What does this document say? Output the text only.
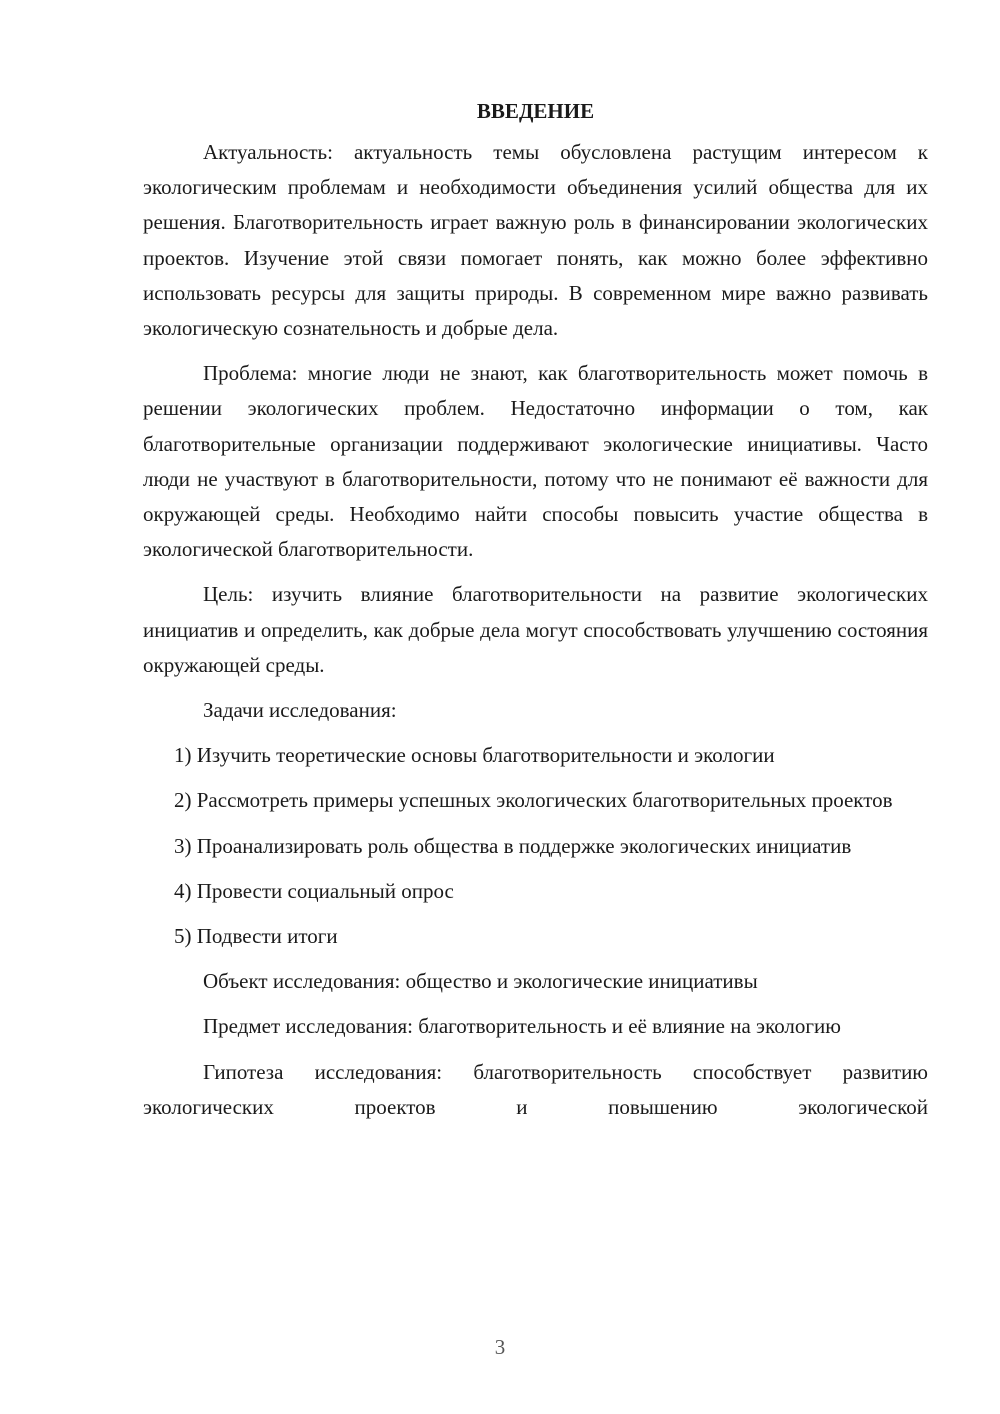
ВВЕДЕНИЕ

Актуальность: актуальность темы обусловлена растущим интересом к экологическим проблемам и необходимости объединения усилий общества для их решения. Благотворительность играет важную роль в финансировании экологических проектов. Изучение этой связи помогает понять, как можно более эффективно использовать ресурсы для защиты природы. В современном мире важно развивать экологическую сознательность и добрые дела.

Проблема: многие люди не знают, как благотворительность может помочь в решении экологических проблем. Недостаточно информации о том, как благотворительные организации поддерживают экологические инициативы. Часто люди не участвуют в благотворительности, потому что не понимают её важности для окружающей среды. Необходимо найти способы повысить участие общества в экологической благотворительности.

Цель: изучить влияние благотворительности на развитие экологических инициатив и определить, как добрые дела могут способствовать улучшению состояния окружающей среды.

Задачи исследования:

1) Изучить теоретические основы благотворительности и экологии

2) Рассмотреть примеры успешных экологических благотворительных проектов

3) Проанализировать роль общества в поддержке экологических инициатив

4) Провести социальный опрос

5) Подвести итоги

Объект исследования: общество и экологические инициативы

Предмет исследования: благотворительность и её влияние на экологию

Гипотеза исследования: благотворительность способствует развитию экологических проектов и повышению экологической

3
